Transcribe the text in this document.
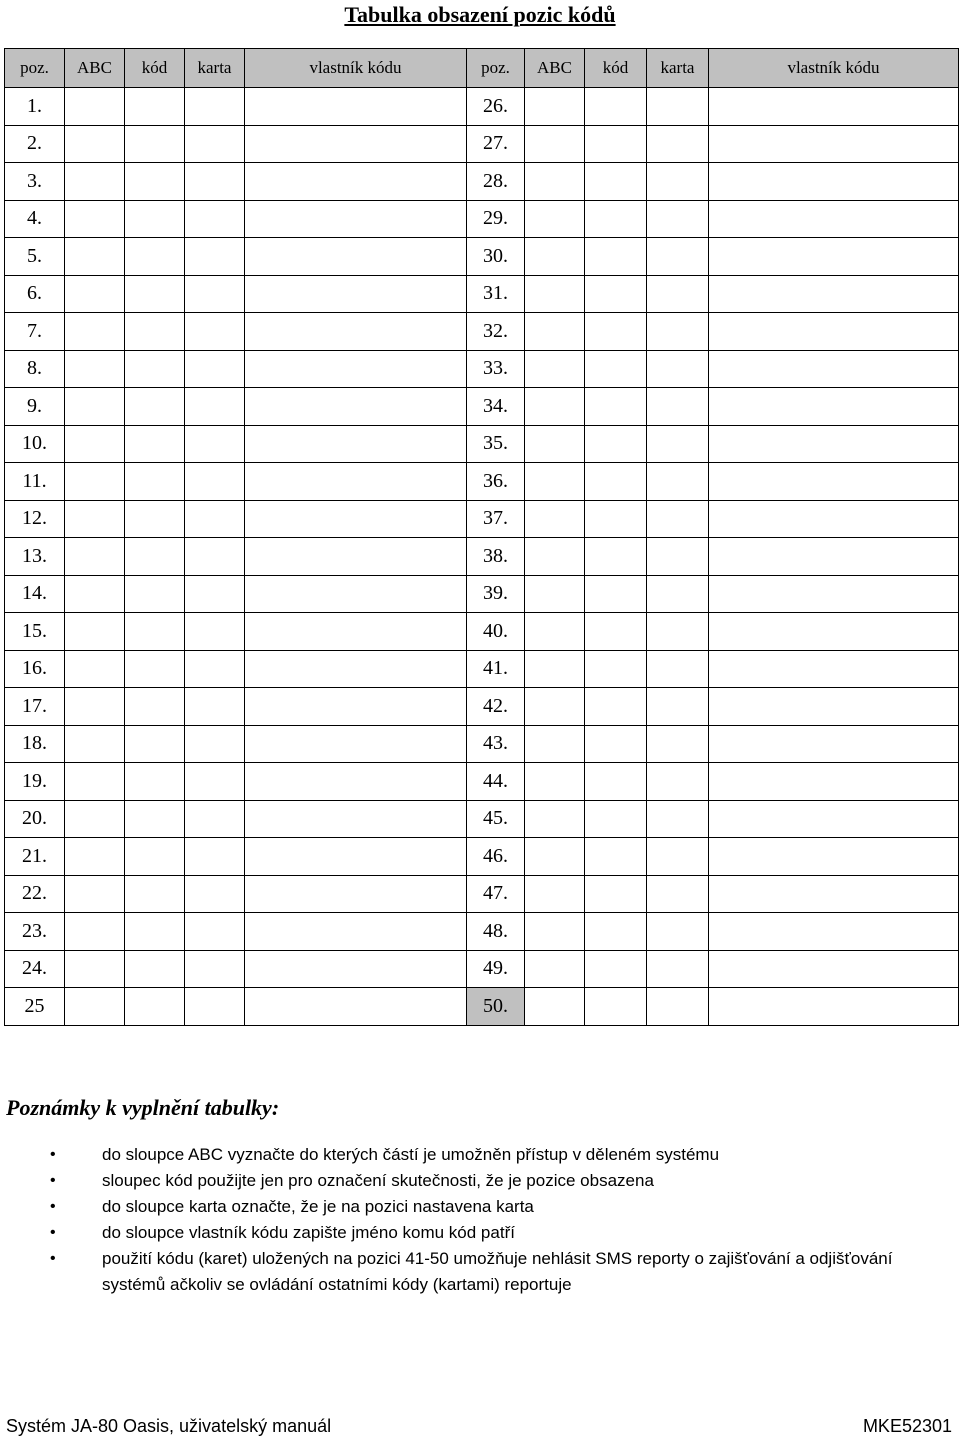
Tabulka obsazení pozic kódů
poz.	ABC	kód	karta	vlastník kódu	poz.	ABC	kód	karta	vlastník kódu
1.					26.				
2.					27.				
3.					28.				
4.					29.				
5.					30.				
6.					31.				
7.					32.				
8.					33.				
9.					34.				
10.					35.				
11.					36.				
12.					37.				
13.					38.				
14.					39.				
15.					40.				
16.					41.				
17.					42.				
18.					43.				
19.					44.				
20.					45.				
21.					46.				
22.					47.				
23.					48.				
24.					49.				
25					50.				
Poznámky k vyplnění tabulky:
•	do sloupce ABC vyznačte do kterých částí je umožněn přístup v děleném systému
•	sloupec kód použijte jen pro označení skutečnosti, že je pozice obsazena
•	do sloupce karta označte, že je na pozici nastavena karta
•	do sloupce vlastník kódu zapište jméno komu kód patří
•	použití kódu (karet) uložených na pozici 41-50 umožňuje nehlásit SMS reporty o zajišťování a odjišťování systémů ačkoliv se ovládání ostatními kódy (kartami) reportuje
Systém JA-80 Oasis, uživatelský manuál	MKE52301
